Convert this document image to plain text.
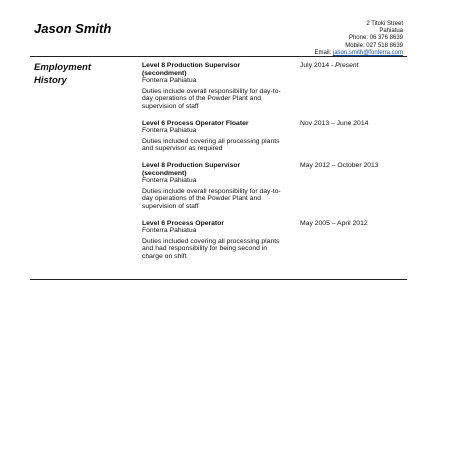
Jason Smith	2 Titoki Street
Pahiatua
Phone: 06 376 8639
Mobile: 027 518 8639
Email: jason.smith@fonterra.com
Employment
History
Level 8 Production Supervisor (secondment)
Fonterra Pahiatua
Duties include overall responsibility for day-to-day operations of the Powder Plant and supervision of staff
July 2014 - Present
Level 6 Process Operator Floater
Fonterra Pahiatua
Duties included covering all processing plants and supervisor as required
Nov 2013 – June 2014
Level 8 Production Supervisor (secondment)
Fonterra Pahiatua
Duties include overall responsibility for day-to-day operations of the Powder Plant and supervision of staff
May 2012 – October 2013
Level 6 Process Operator
Fonterra Pahiatua
Duties included covering all processing plants and had responsibility for being second in charge on shift
May 2005 – April 2012
